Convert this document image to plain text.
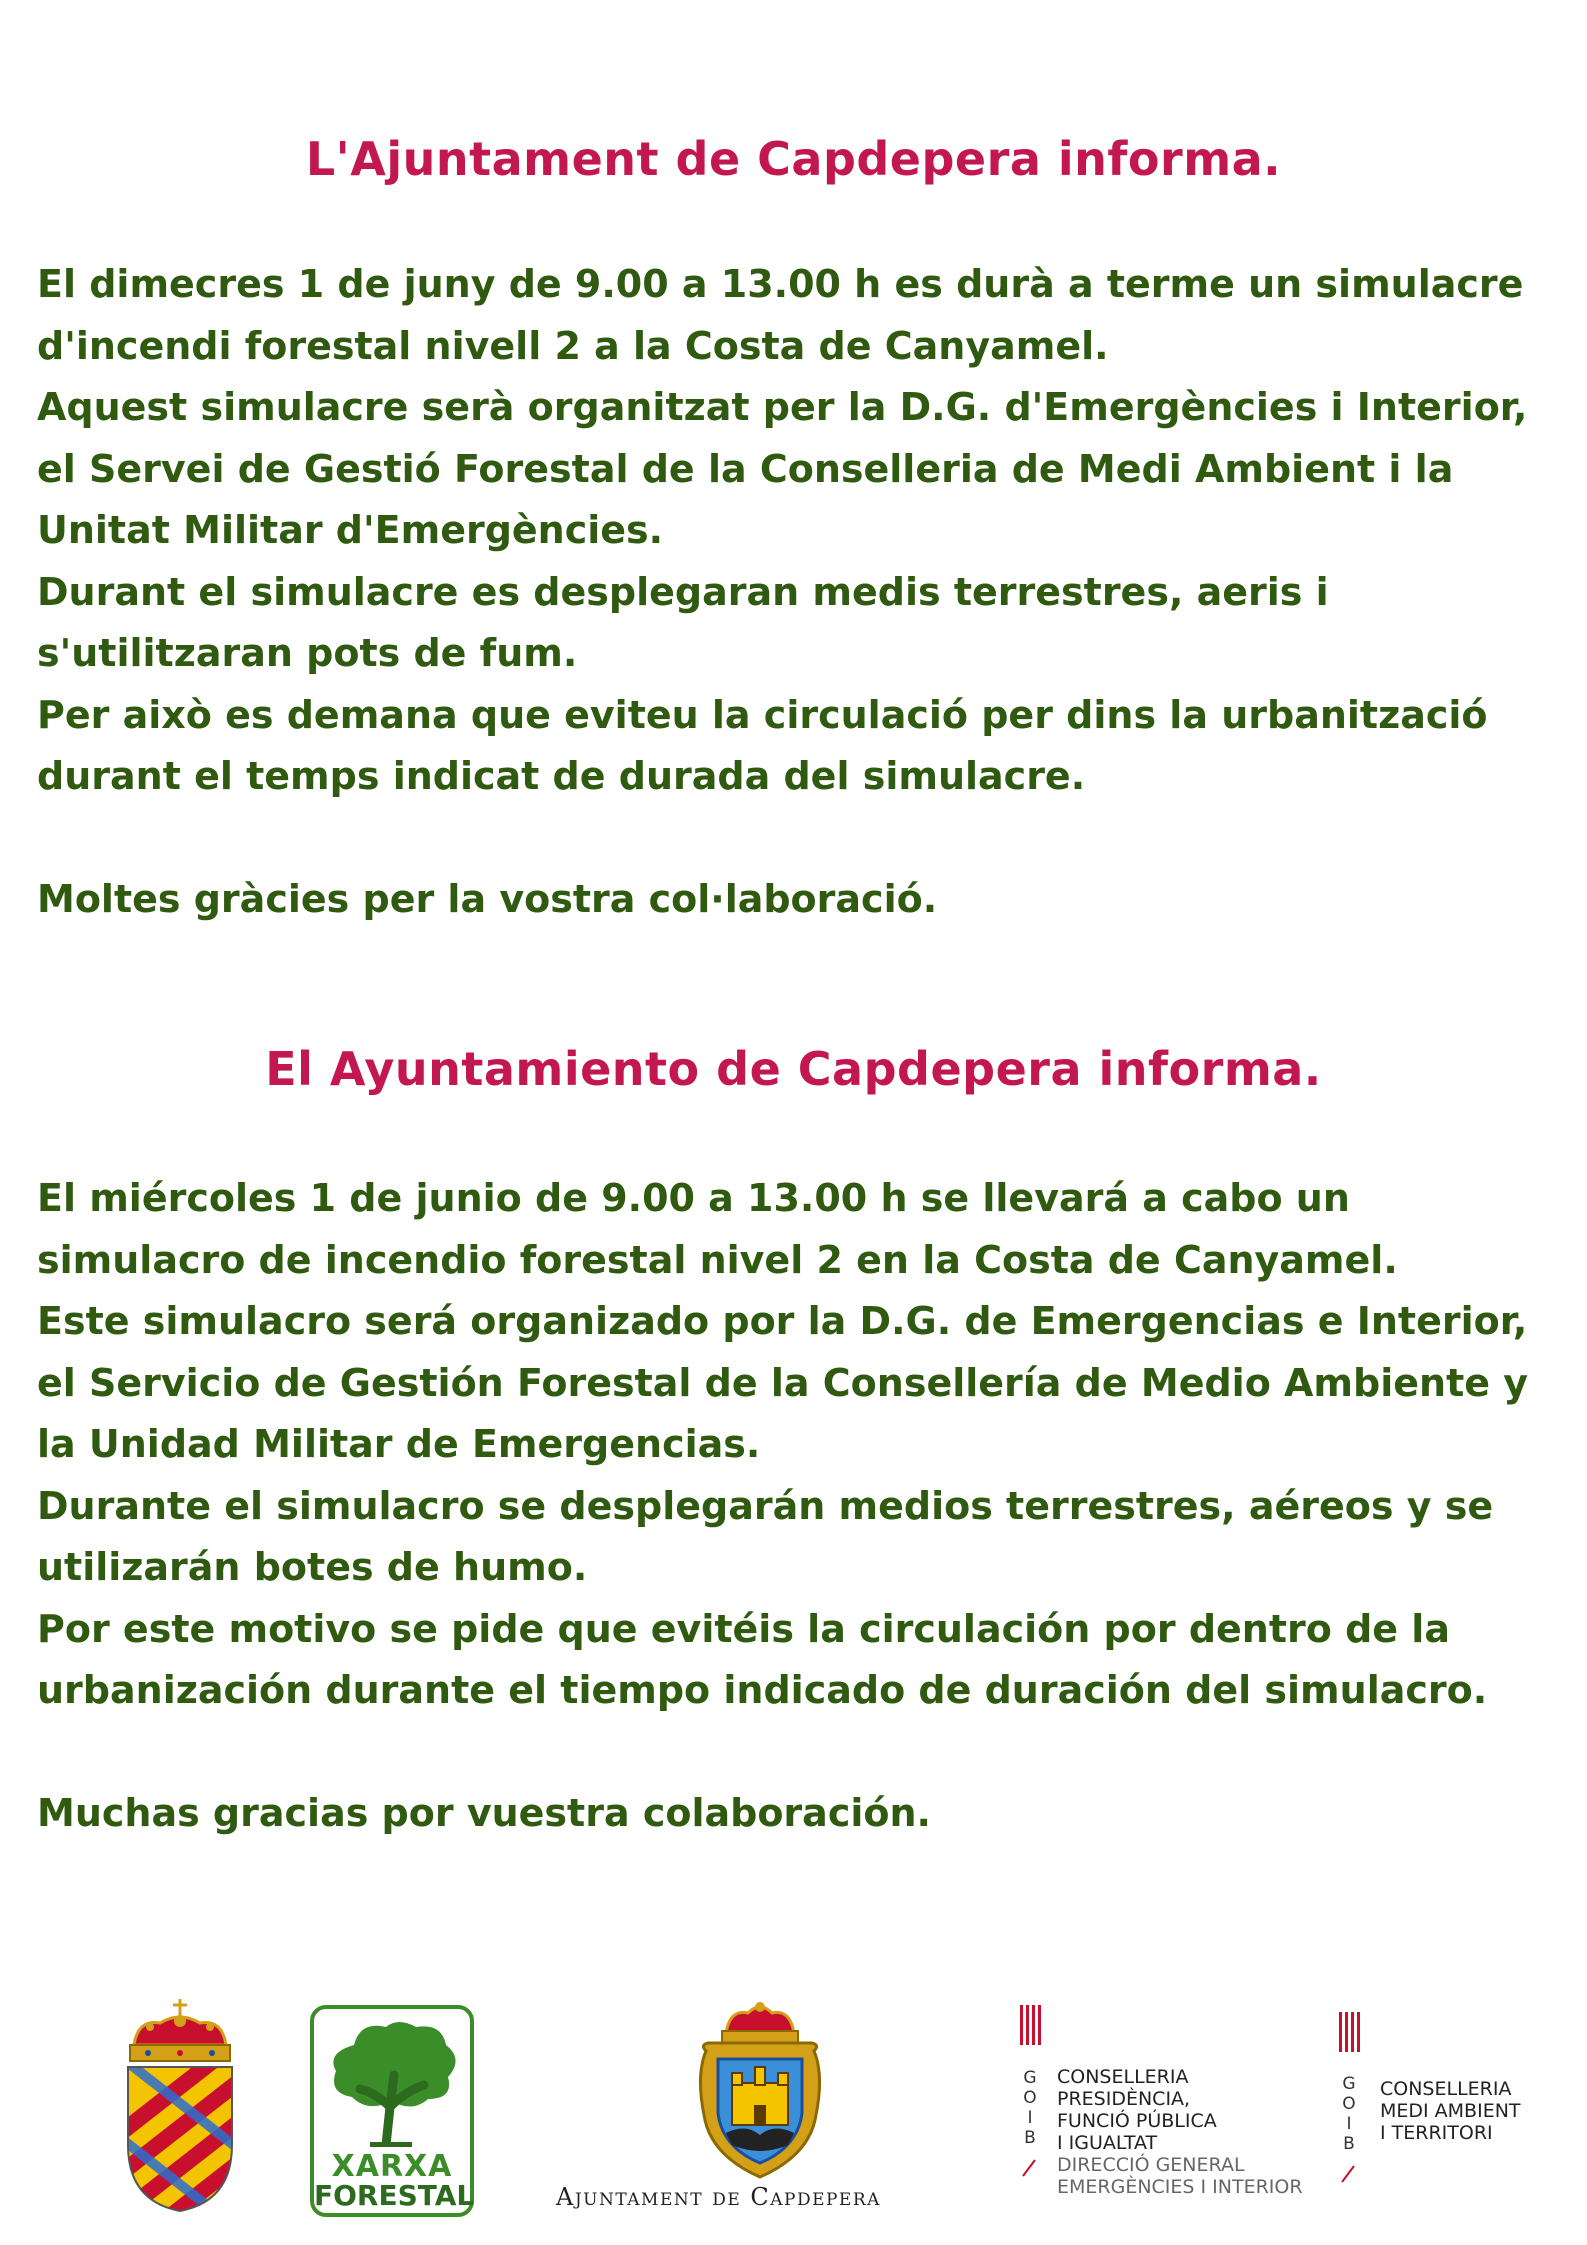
L'Ajuntament de Capdepera informa.

El dimecres 1 de juny de 9.00 a 13.00 h es durà a terme un simulacre

d'incendi forestal nivell 2 a la Costa de Canyamel.

Aquest simulacre serà organitzat per la D.G. d'Emergències i Interior,

el Servei de Gestió Forestal de la Conselleria de Medi Ambient i la

Unitat Militar d'Emergències.

Durant el simulacre es desplegaran medis terrestres, aeris i

s'utilitzaran pots de fum.

Per això es demana que eviteu la circulació per dins la urbanització

durant el temps indicat de durada del simulacre.

Moltes gràcies per la vostra col·laboració.

El Ayuntamiento de Capdepera informa.

El miércoles 1 de junio de 9.00 a 13.00 h se llevará a cabo un

simulacro de incendio forestal nivel 2 en la Costa de Canyamel.

Este simulacro será organizado por la D.G. de Emergencias e Interior,

el Servicio de Gestión Forestal de la Consellería de Medio Ambiente y

la Unidad Militar de Emergencias.

Durante el simulacro se desplegarán medios terrestres, aéreos y se

utilizarán botes de humo.

Por este motivo se pide que evitéis la circulación por dentro de la

urbanización durante el tiempo indicado de duración del simulacro.

Muchas gracias por vuestra colaboración.

XARXA
FORESTAL	Ajuntament de Capdepera
G
O
I
B
CONSELLERIA
PRESIDÈNCIA,
FUNCIÓ PÚBLICA
I IGUALTAT
DIRECCIÓ GENERAL
EMERGÈNCIES I INTERIOR
G
O
I
B
CONSELLERIA
MEDI AMBIENT
I TERRITORI
